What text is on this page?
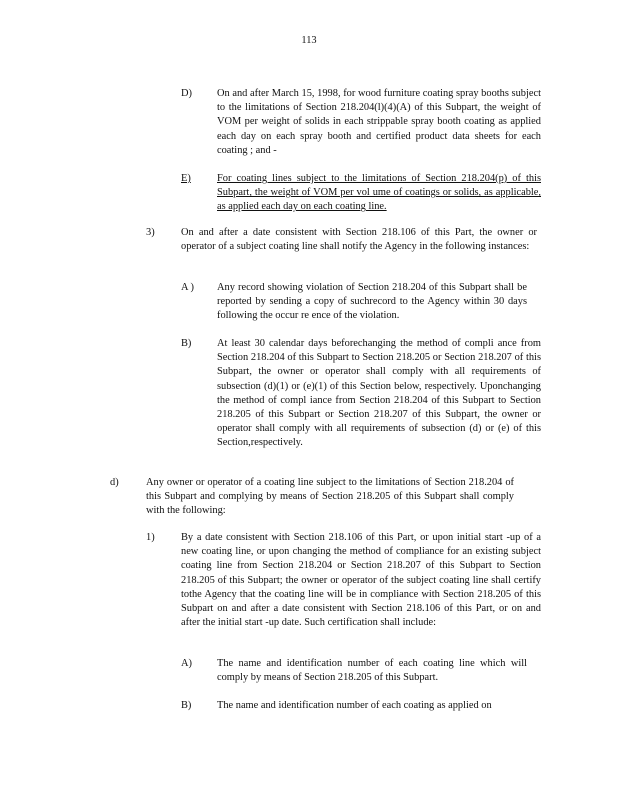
113
D) On and after March 15, 1998, for wood furniture coating spray booths subject to the limitations of Section 218.204(l)(4)(A) of this Subpart, the weight of VOM per weight of solids in each strippable spray booth coating as applied each day on each spray booth and certified product data sheets for each coating ; and -
E)	For coating lines subject to the limitations of Section 218.204(p) of this Subpart, the weight of VOM per vol ume of coatings or solids, as applicable, as applied each day on each coating line.
3)	On and after a date consistent with Section 218.106 of this Part, the owner or operator of a subject coating line shall notify the Agency in the following instances:
A ) Any record showing violation of Section 218.204 of this Subpart shall be reported by sending a copy of suchrecord to the Agency within 30 days following the occur re ence of the violation.
B) At least 30 calendar days beforechanging the method of compli ance from Section 218.204 of this Subpart to Section 218.205 or Section 218.207 of this Subpart, the owner or operator shall comply with all requirements of subsection (d)(1) or (e)(1) of this Section below, respectively. Uponchanging the method of compl iance from Section 218.204 of this Subpart to Section 218.205 of this Subpart or Section 218.207 of this Subpart, the owner or operator shall comply with all requirements of subsection (d) or (e) of this Section,respectively.
d)	Any owner or operator of a coating line subject to the limitations of Section 218.204 of this Subpart and complying by means of Section 218.205 of this Subpart shall comply with the following:
1)	By a date consistent with Section 218.106 of this Part, or upon initial start -up of a new coating line, or upon changing the method of compliance for an existing subject coating line from Section 218.204 or Section 218.207 of this Subpart to Section 218.205 of this Subpart; the owner or operator of the subject coating line shall certify tothe Agency that the coating line will be in compliance with Section 218.205 of this Subpart on and after a date consistent with Section 218.106 of this Part, or on and after the initial start -up date. Such certification shall include:
A) The name and identification number of each coating line which will comply by means of Section 218.205 of this Subpart.
B) The name and identification number of each coating as applied on
